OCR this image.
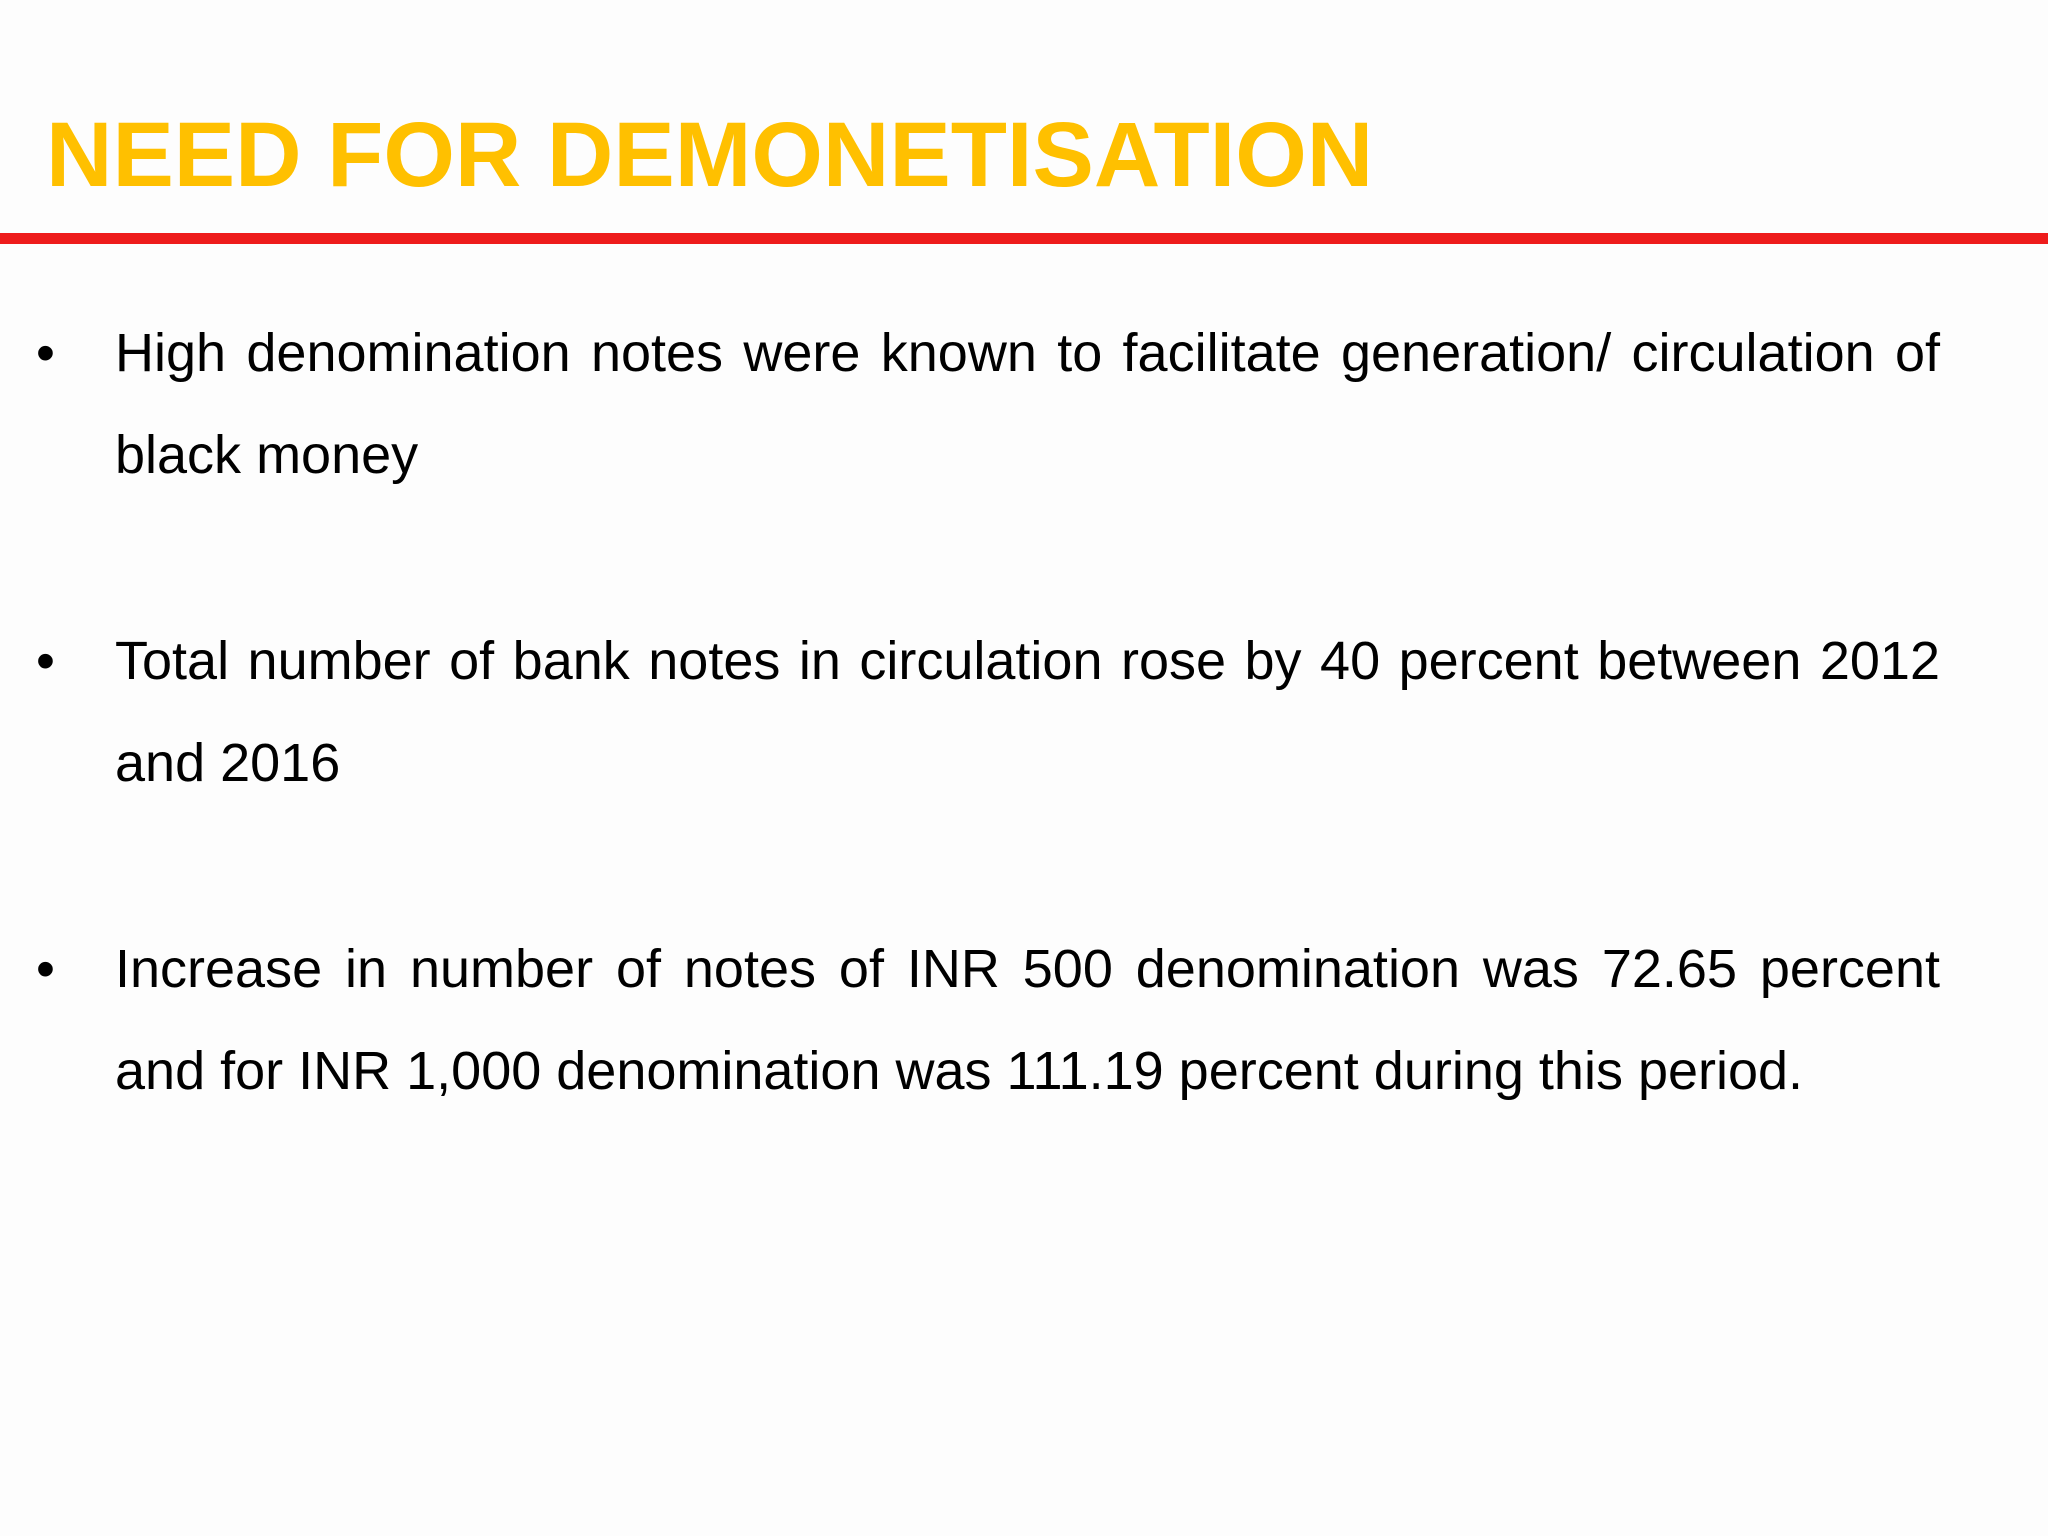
NEED FOR DEMONETISATION
• High denomination notes were known to facilitate generation/ circulation of black money

• Total number of bank notes in circulation rose by 40 percent between 2012 and 2016

• Increase in number of notes of INR 500 denomination was 72.65 percent and for INR 1,000 denomination was 111.19 percent during this period.
